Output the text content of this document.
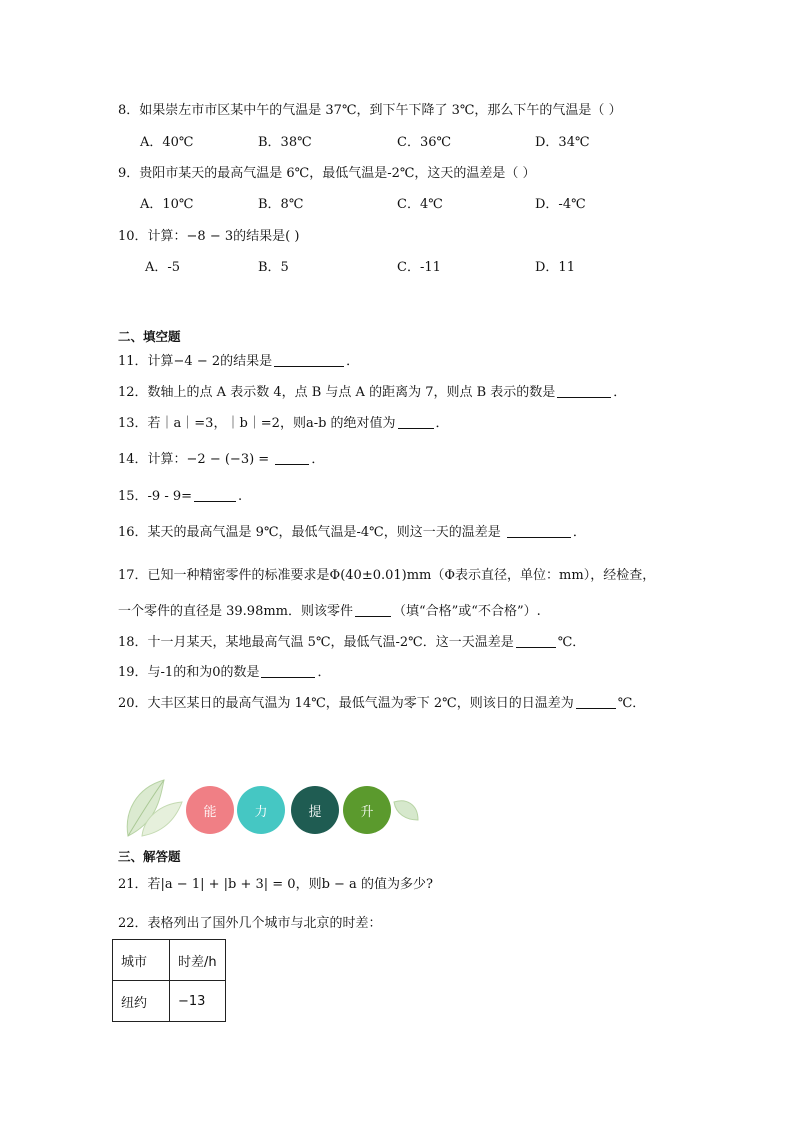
8．如果崇左市市区某中午的气温是 37℃，到下午下降了 3℃，那么下午的气温是（ ）
A．40℃	B．38℃	C．36℃	D．34℃
9．贵阳市某天的最高气温是 6℃，最低气温是-2℃，这天的温差是（ ）
A．10℃	B．8℃	C．4℃	D．-4℃
10．计算：−8 − 3的结果是( )
A．-5	B．5	C．-11	D．11
二、填空题
11．计算−4 − 2的结果是	．
12．数轴上的点 A 表示数 4，点 B 与点 A 的距离为 7，则点 B 表示的数是	．
13．若｜a｜=3，｜b｜=2，则a-b 的绝对值为	．
14．计算：−2 − (−3) =	．
15．-9 - 9=	.
16．某天的最高气温是 9℃，最低气温是-4℃，则这一天的温差是	．
17．已知一种精密零件的标准要求是Φ(40±0.01)mm（Φ表示直径，单位：mm），经检查，
一个零件的直径是 39.98mm．则该零件	（填“合格”或“不合格”）.
18．十一月某天，某地最高气温 5℃，最低气温-2℃．这一天温差是	℃．
19．与-1的和为0的数是	．
20．大丰区某日的最高气温为 14℃，最低气温为零下 2℃，则该日的日温差为	℃．
能	力	提	升
三、解答题
21．若|a − 1| + |b + 3| = 0，则b − a 的值为多少?
22．表格列出了国外几个城市与北京的时差：
城市	时差/h
纽约	−13
